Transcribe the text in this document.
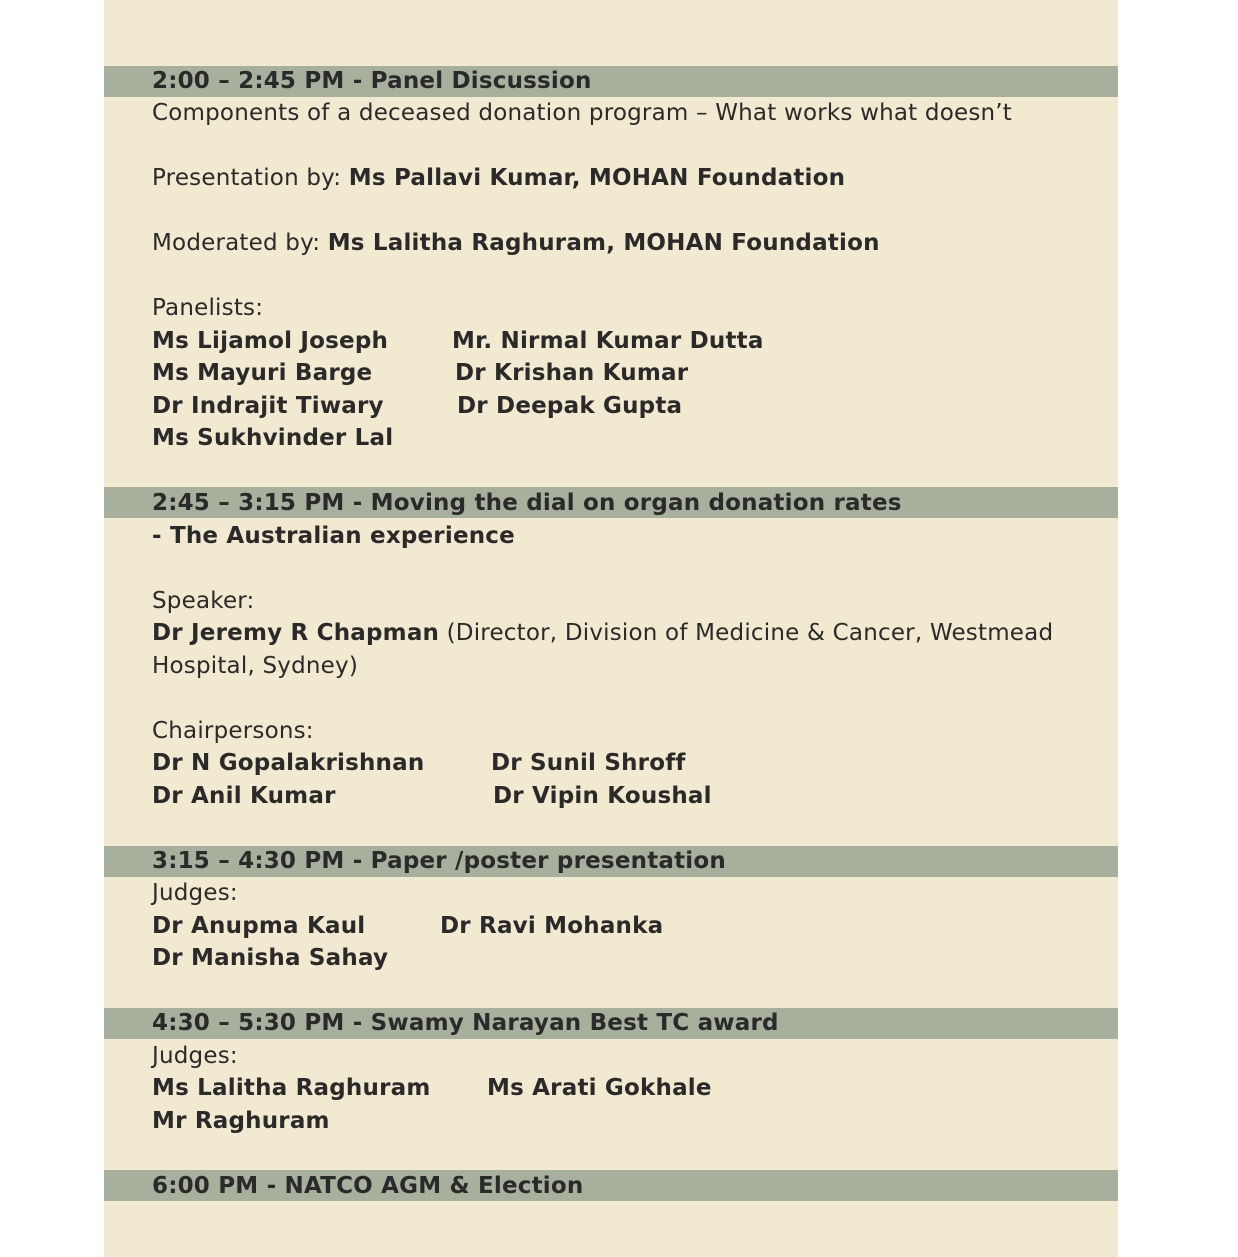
2:00 – 2:45 PM - Panel Discussion
Components of a deceased donation program – What works what doesn’t
Presentation by: Ms Pallavi Kumar, MOHAN Foundation
Moderated by: Ms Lalitha Raghuram, MOHAN Foundation
Panelists:
Ms Lijamol Joseph
Ms Mayuri Barge
Dr Indrajit Tiwary
Ms Sukhvinder Lal
Mr. Nirmal Kumar Dutta
Dr Krishan Kumar
Dr Deepak Gupta
2:45 – 3:15 PM - Moving the dial on organ donation rates
- The Australian experience
Speaker:
Dr Jeremy R Chapman (Director, Division of Medicine & Cancer, Westmead
Hospital, Sydney)
Chairpersons:
Dr N Gopalakrishnan
Dr Anil Kumar
Dr Sunil Shroff
Dr Vipin Koushal
3:15 – 4:30 PM - Paper /poster presentation
Judges:
Dr Anupma Kaul
Dr Manisha Sahay
Dr Ravi Mohanka
4:30 – 5:30 PM - Swamy Narayan Best TC award
Judges:
Ms Lalitha Raghuram
Mr Raghuram
Ms Arati Gokhale
6:00 PM - NATCO AGM & Election
